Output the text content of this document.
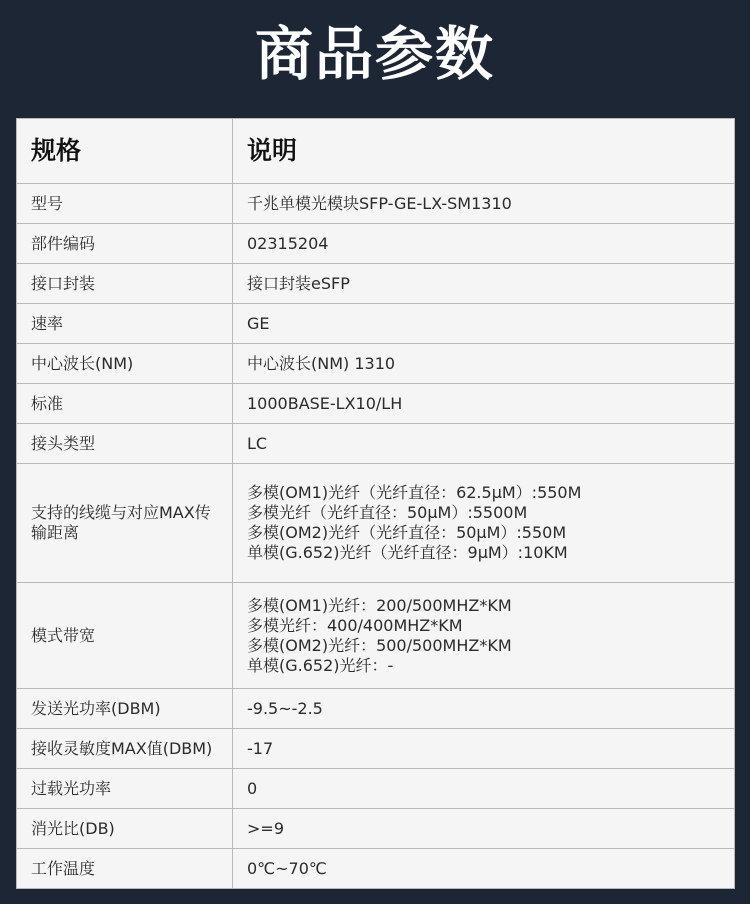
商品参数
规格	说明
型号	千兆单模光模块SFP-GE-LX-SM1310

部件编码	02315204

接口封装	接口封装eSFP

速率	GE

中心波长(NM)	中心波长(NM) 1310

标准	1000BASE-LX10/LH

接头类型	LC

支持的线缆与对应MAX传输距离	多模(OM1)光纤（光纤直径：62.5μM）:550M
多模光纤（光纤直径：50μM）:5500M
多模(OM2)光纤（光纤直径：50μM）:550M
单模(G.652)光纤（光纤直径：9μM）:10KM

模式带宽	多模(OM1)光纤：200/500MHZ*KM
多模光纤：400/400MHZ*KM
多模(OM2)光纤：500/500MHZ*KM
单模(G.652)光纤：-

发送光功率(DBM)	-9.5~-2.5

接收灵敏度MAX值(DBM)	-17

过载光功率	0

消光比(DB)	>=9

工作温度	0℃~70℃
